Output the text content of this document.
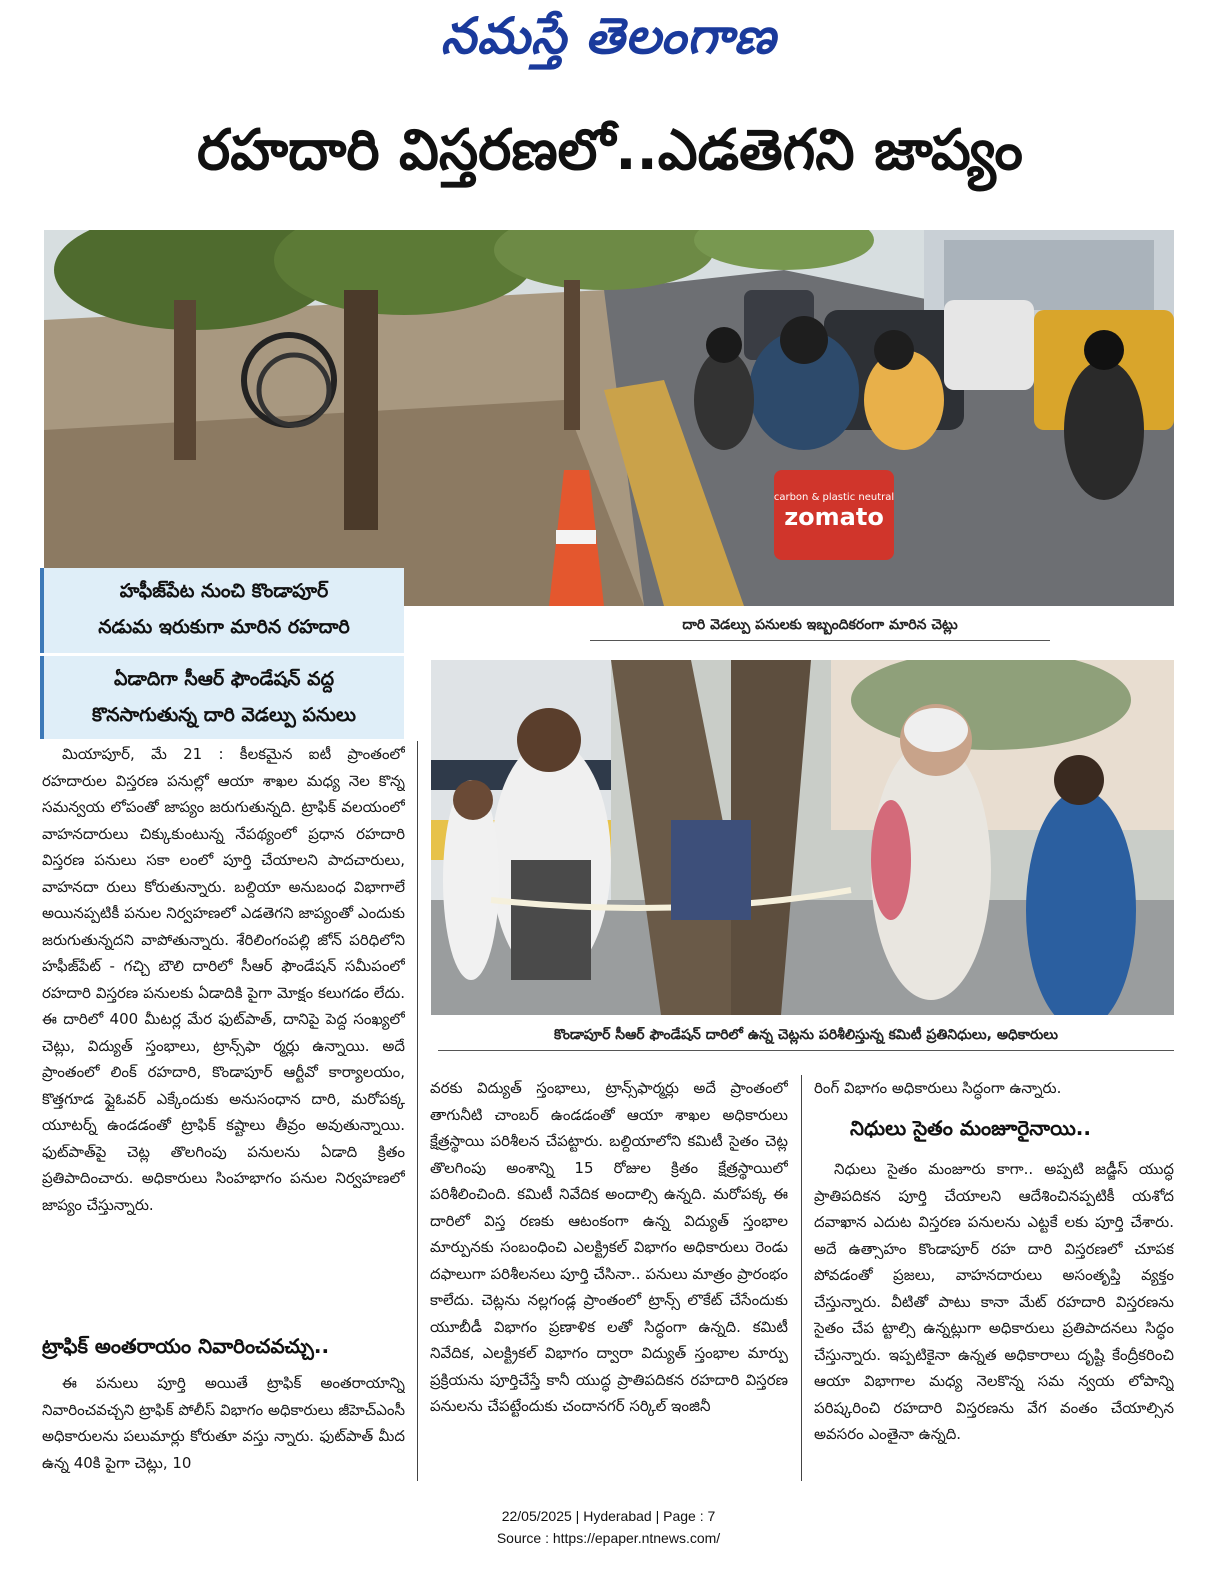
నమస్తే తెలంగాణ
రహదారి విస్తరణలో..ఎడతెగని జాప్యం
zomato
carbon & plastic neutral
దారి వెడల్పు పనులకు ఇబ్బందికరంగా మారిన చెట్లు

హఫీజ్‌పేట నుంచి కొండాపూర్

నడుమ ఇరుకుగా మారిన రహదారి

ఏడాదిగా సీఆర్ ఫౌండేషన్ వద్ద

కొనసాగుతున్న దారి వెడల్పు పనులు

కొండాపూర్ సీఆర్ ఫౌండేషన్ దారిలో ఉన్న చెట్లను పరిశీలిస్తున్న కమిటీ ప్రతినిధులు, అధికారులు

మియాపూర్, మే 21 : కీలకమైన ఐటీ ప్రాంతంలో రహదారుల విస్తరణ పనుల్లో ఆయా శాఖల మధ్య నెల కొన్న సమన్వయ లోపంతో జాప్యం జరుగుతున్నది. ట్రాఫిక్ వలయంలో వాహనదారులు చిక్కుకుంటున్న నేపథ్యంలో ప్రధాన రహదారి విస్తరణ పనులు సకా లంలో పూర్తి చేయాలని పాదచారులు, వాహనదా రులు కోరుతున్నారు. బల్దియా అనుబంధ విభాగాలే అయినప్పటికీ పనుల నిర్వహణలో ఎడతెగని జాప్యంతో ఎందుకు జరుగుతున్నదని వాపోతున్నారు. శేరిలింగంపల్లి జోన్ పరిధిలోని హఫీజ్‌పేట్ - గచ్చి బౌలి దారిలో సీఆర్ ఫౌండేషన్ సమీపంలో రహదారి విస్తరణ పనులకు ఏడాదికి పైగా మోక్షం కలుగడం లేదు. ఈ దారిలో 400 మీటర్ల మేర ఫుట్‌పాత్, దానిపై పెద్ద సంఖ్యలో చెట్లు, విద్యుత్ స్తంభాలు, ట్రాన్స్‌ఫా ర్మర్లు ఉన్నాయి. అదే ప్రాంతంలో లింక్ రహదారి, కొండాపూర్ ఆర్టీవో కార్యాలయం, కొత్తగూడ ఫ్లైఓవర్ ఎక్కేందుకు అనుసంధాన దారి, మరోపక్క యూటర్న్ ఉండడంతో ట్రాఫిక్ కష్టాలు తీవ్రం అవుతున్నాయి. ఫుట్‌పాత్‌పై చెట్ల తొలగింపు పనులను ఏడాది క్రితం ప్రతిపాదించారు. అధికారులు సింహభాగం పనుల నిర్వహణలో జాప్యం చేస్తున్నారు.

ట్రాఫిక్ అంతరాయం నివారించవచ్చు..

ఈ పనులు పూర్తి అయితే ట్రాఫిక్ అంతరాయాన్ని నివారించవచ్చని ట్రాఫిక్ పోలీస్ విభాగం అధికారులు జీహెచ్‌ఎంసీ అధికారులను పలుమార్లు కోరుతూ వస్తు న్నారు. ఫుట్‌పాత్ మీద ఉన్న 40కి పైగా చెట్లు, 10

వరకు విద్యుత్ స్తంభాలు, ట్రాన్స్‌ఫార్మర్లు అదే ప్రాంతంలో తాగునీటి చాంబర్ ఉండడంతో ఆయా శాఖల అధికారులు క్షేత్రస్థాయి పరిశీలన చేపట్టారు. బల్దియాలోని కమిటీ సైతం చెట్ల తొలగింపు అంశాన్ని 15 రోజుల క్రితం క్షేత్రస్థాయిలో పరిశీలించింది. కమిటీ నివేదిక అందాల్సి ఉన్నది. మరోపక్క ఈ దారిలో విస్త రణకు ఆటంకంగా ఉన్న విద్యుత్ స్తంభాల మార్పునకు సంబంధించి ఎలక్ట్రికల్ విభాగం అధికారులు రెండు దఫాలుగా పరిశీలనలు పూర్తి చేసినా.. పనులు మాత్రం ప్రారంభం కాలేదు. చెట్లను నల్లగండ్ల ప్రాంతంలో ట్రాన్స్ లొకేట్ చేసేందుకు యూబీడీ విభాగం ప్రణాళిక లతో సిద్ధంగా ఉన్నది. కమిటీ నివేదిక, ఎలక్ట్రికల్ విభాగం ద్వారా విద్యుత్ స్తంభాల మార్పు ప్రక్రియను పూర్తిచేస్తే కానీ యుద్ధ ప్రాతిపదికన రహదారి విస్తరణ పనులను చేపట్టేందుకు చందానగర్ సర్కిల్ ఇంజినీ

రింగ్ విభాగం అధికారులు సిద్ధంగా ఉన్నారు.

నిధులు సైతం మంజూరైనాయి..

నిధులు సైతం మంజూరు కాగా.. అప్పటి జడ్జీస్ యుద్ధ ప్రాతిపదికన పూర్తి చేయాలని ఆదేశించినప్పటికీ యశోద దవాఖాన ఎదుట విస్తరణ పనులను ఎట్టకే లకు పూర్తి చేశారు. అదే ఉత్సాహం కొండాపూర్ రహ దారి విస్తరణలో చూపక పోవడంతో ప్రజలు, వాహనదారులు అసంతృప్తి వ్యక్తం చేస్తున్నారు. వీటితో పాటు కానా మేట్ రహదారి విస్తరణను సైతం చేప ట్టాల్సి ఉన్నట్లుగా అధికారులు ప్రతిపాదనలు సిద్ధం చేస్తున్నారు. ఇప్పటికైనా ఉన్నత అధికారాలు దృష్టి కేంద్రీకరించి ఆయా విభాగాల మధ్య నెలకొన్న సమ న్వయ లోపాన్ని పరిష్కరించి రహదారి విస్తరణను వేగ వంతం చేయాల్సిన అవసరం ఎంతైనా ఉన్నది.

22/05/2025 | Hyderabad | Page : 7
Source : https://epaper.ntnews.com/
